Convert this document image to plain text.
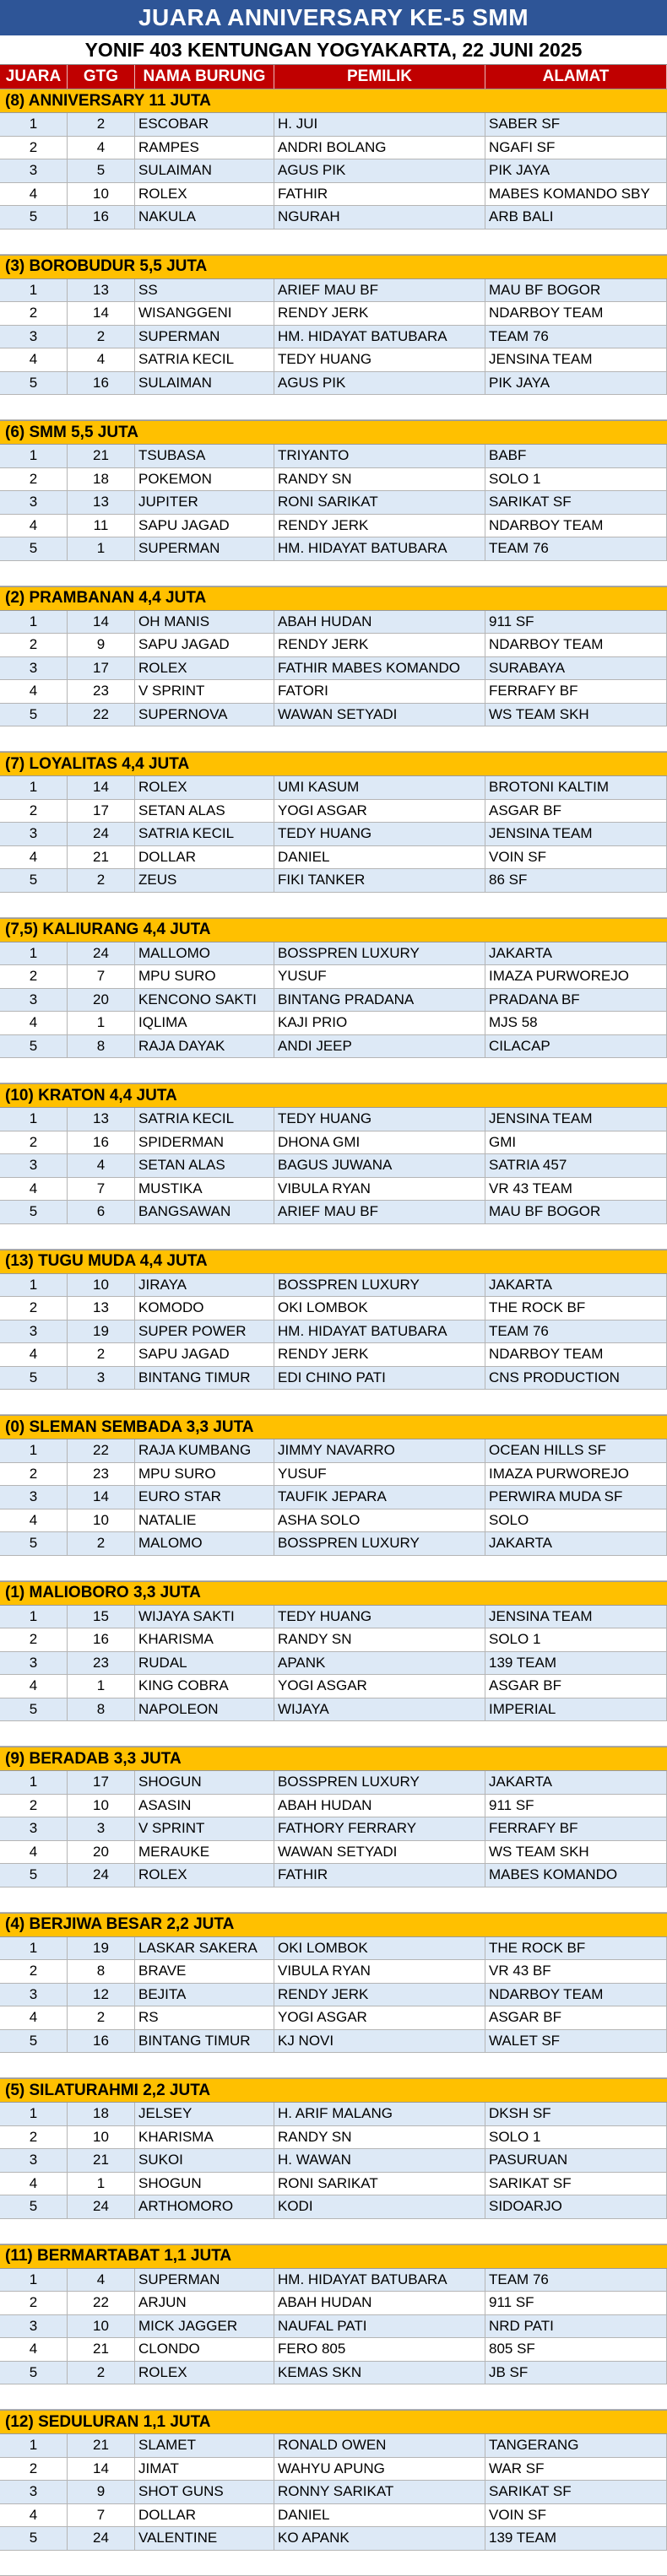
JUARA ANNIVERSARY KE-5 SMM
YONIF 403 KENTUNGAN YOGYAKARTA, 22 JUNI 2025
JUARA	GTG	NAMA BURUNG	PEMILIK	ALAMAT
(8) ANNIVERSARY 11 JUTA
1	2	ESCOBAR	H. JUI	SABER SF
2	4	RAMPES	ANDRI BOLANG	NGAFI SF
3	5	SULAIMAN	AGUS PIK	PIK JAYA
4	10	ROLEX	FATHIR	MABES KOMANDO SBY
5	16	NAKULA	NGURAH	ARB BALI
(3) BOROBUDUR 5,5 JUTA
1	13	SS	ARIEF MAU BF	MAU BF BOGOR
2	14	WISANGGENI	RENDY JERK	NDARBOY TEAM
3	2	SUPERMAN	HM. HIDAYAT BATUBARA	TEAM 76
4	4	SATRIA KECIL	TEDY HUANG	JENSINA TEAM
5	16	SULAIMAN	AGUS PIK	PIK JAYA
(6) SMM 5,5 JUTA
1	21	TSUBASA	TRIYANTO	BABF
2	18	POKEMON	RANDY SN	SOLO 1
3	13	JUPITER	RONI SARIKAT	SARIKAT SF
4	11	SAPU JAGAD	RENDY JERK	NDARBOY TEAM
5	1	SUPERMAN	HM. HIDAYAT BATUBARA	TEAM 76
(2) PRAMBANAN 4,4 JUTA
1	14	OH MANIS	ABAH HUDAN	911 SF
2	9	SAPU JAGAD	RENDY JERK	NDARBOY TEAM
3	17	ROLEX	FATHIR MABES KOMANDO	SURABAYA
4	23	V SPRINT	FATORI	FERRAFY BF
5	22	SUPERNOVA	WAWAN SETYADI	WS TEAM SKH
(7) LOYALITAS 4,4 JUTA
1	14	ROLEX	UMI KASUM	BROTONI KALTIM
2	17	SETAN ALAS	YOGI ASGAR	ASGAR BF
3	24	SATRIA KECIL	TEDY HUANG	JENSINA TEAM
4	21	DOLLAR	DANIEL	VOIN SF
5	2	ZEUS	FIKI TANKER	86 SF
(7,5) KALIURANG 4,4 JUTA
1	24	MALLOMO	BOSSPREN LUXURY	JAKARTA
2	7	MPU SURO	YUSUF	IMAZA PURWOREJO
3	20	KENCONO SAKTI	BINTANG PRADANA	PRADANA BF
4	1	IQLIMA	KAJI PRIO	MJS 58
5	8	RAJA DAYAK	ANDI JEEP	CILACAP
(10) KRATON 4,4 JUTA
1	13	SATRIA KECIL	TEDY HUANG	JENSINA TEAM
2	16	SPIDERMAN	DHONA GMI	GMI
3	4	SETAN ALAS	BAGUS JUWANA	SATRIA 457
4	7	MUSTIKA	VIBULA RYAN	VR 43 TEAM
5	6	BANGSAWAN	ARIEF MAU BF	MAU BF BOGOR
(13) TUGU MUDA 4,4 JUTA
1	10	JIRAYA	BOSSPREN LUXURY	JAKARTA
2	13	KOMODO	OKI LOMBOK	THE ROCK BF
3	19	SUPER POWER	HM. HIDAYAT BATUBARA	TEAM 76
4	2	SAPU JAGAD	RENDY JERK	NDARBOY TEAM
5	3	BINTANG TIMUR	EDI CHINO PATI	CNS PRODUCTION
(0) SLEMAN SEMBADA 3,3 JUTA
1	22	RAJA KUMBANG	JIMMY NAVARRO	OCEAN HILLS SF
2	23	MPU SURO	YUSUF	IMAZA PURWOREJO
3	14	EURO STAR	TAUFIK JEPARA	PERWIRA MUDA SF
4	10	NATALIE	ASHA SOLO	SOLO
5	2	MALOMO	BOSSPREN LUXURY	JAKARTA
(1) MALIOBORO 3,3 JUTA
1	15	WIJAYA SAKTI	TEDY HUANG	JENSINA TEAM
2	16	KHARISMA	RANDY SN	SOLO 1
3	23	RUDAL	APANK	139 TEAM
4	1	KING COBRA	YOGI ASGAR	ASGAR BF
5	8	NAPOLEON	WIJAYA	IMPERIAL
(9) BERADAB 3,3 JUTA
1	17	SHOGUN	BOSSPREN LUXURY	JAKARTA
2	10	ASASIN	ABAH HUDAN	911 SF
3	3	V SPRINT	FATHORY FERRARY	FERRAFY BF
4	20	MERAUKE	WAWAN SETYADI	WS TEAM SKH
5	24	ROLEX	FATHIR	MABES KOMANDO
(4) BERJIWA BESAR 2,2 JUTA
1	19	LASKAR SAKERA	OKI LOMBOK	THE ROCK BF
2	8	BRAVE	VIBULA RYAN	VR 43 BF
3	12	BEJITA	RENDY JERK	NDARBOY TEAM
4	2	RS	YOGI ASGAR	ASGAR BF
5	16	BINTANG TIMUR	KJ NOVI	WALET SF
(5) SILATURAHMI 2,2 JUTA
1	18	JELSEY	H. ARIF MALANG	DKSH SF
2	10	KHARISMA	RANDY SN	SOLO 1
3	21	SUKOI	H. WAWAN	PASURUAN
4	1	SHOGUN	RONI SARIKAT	SARIKAT SF
5	24	ARTHOMORO	KODI	SIDOARJO
(11) BERMARTABAT 1,1 JUTA
1	4	SUPERMAN	HM. HIDAYAT BATUBARA	TEAM 76
2	22	ARJUN	ABAH HUDAN	911 SF
3	10	MICK JAGGER	NAUFAL PATI	NRD PATI
4	21	CLONDO	FERO 805	805 SF
5	2	ROLEX	KEMAS SKN	JB SF
(12) SEDULURAN 1,1 JUTA
1	21	SLAMET	RONALD OWEN	TANGERANG
2	14	JIMAT	WAHYU APUNG	WAR SF
3	9	SHOT GUNS	RONNY SARIKAT	SARIKAT SF
4	7	DOLLAR	DANIEL	VOIN SF
5	24	VALENTINE	KO APANK	139 TEAM
